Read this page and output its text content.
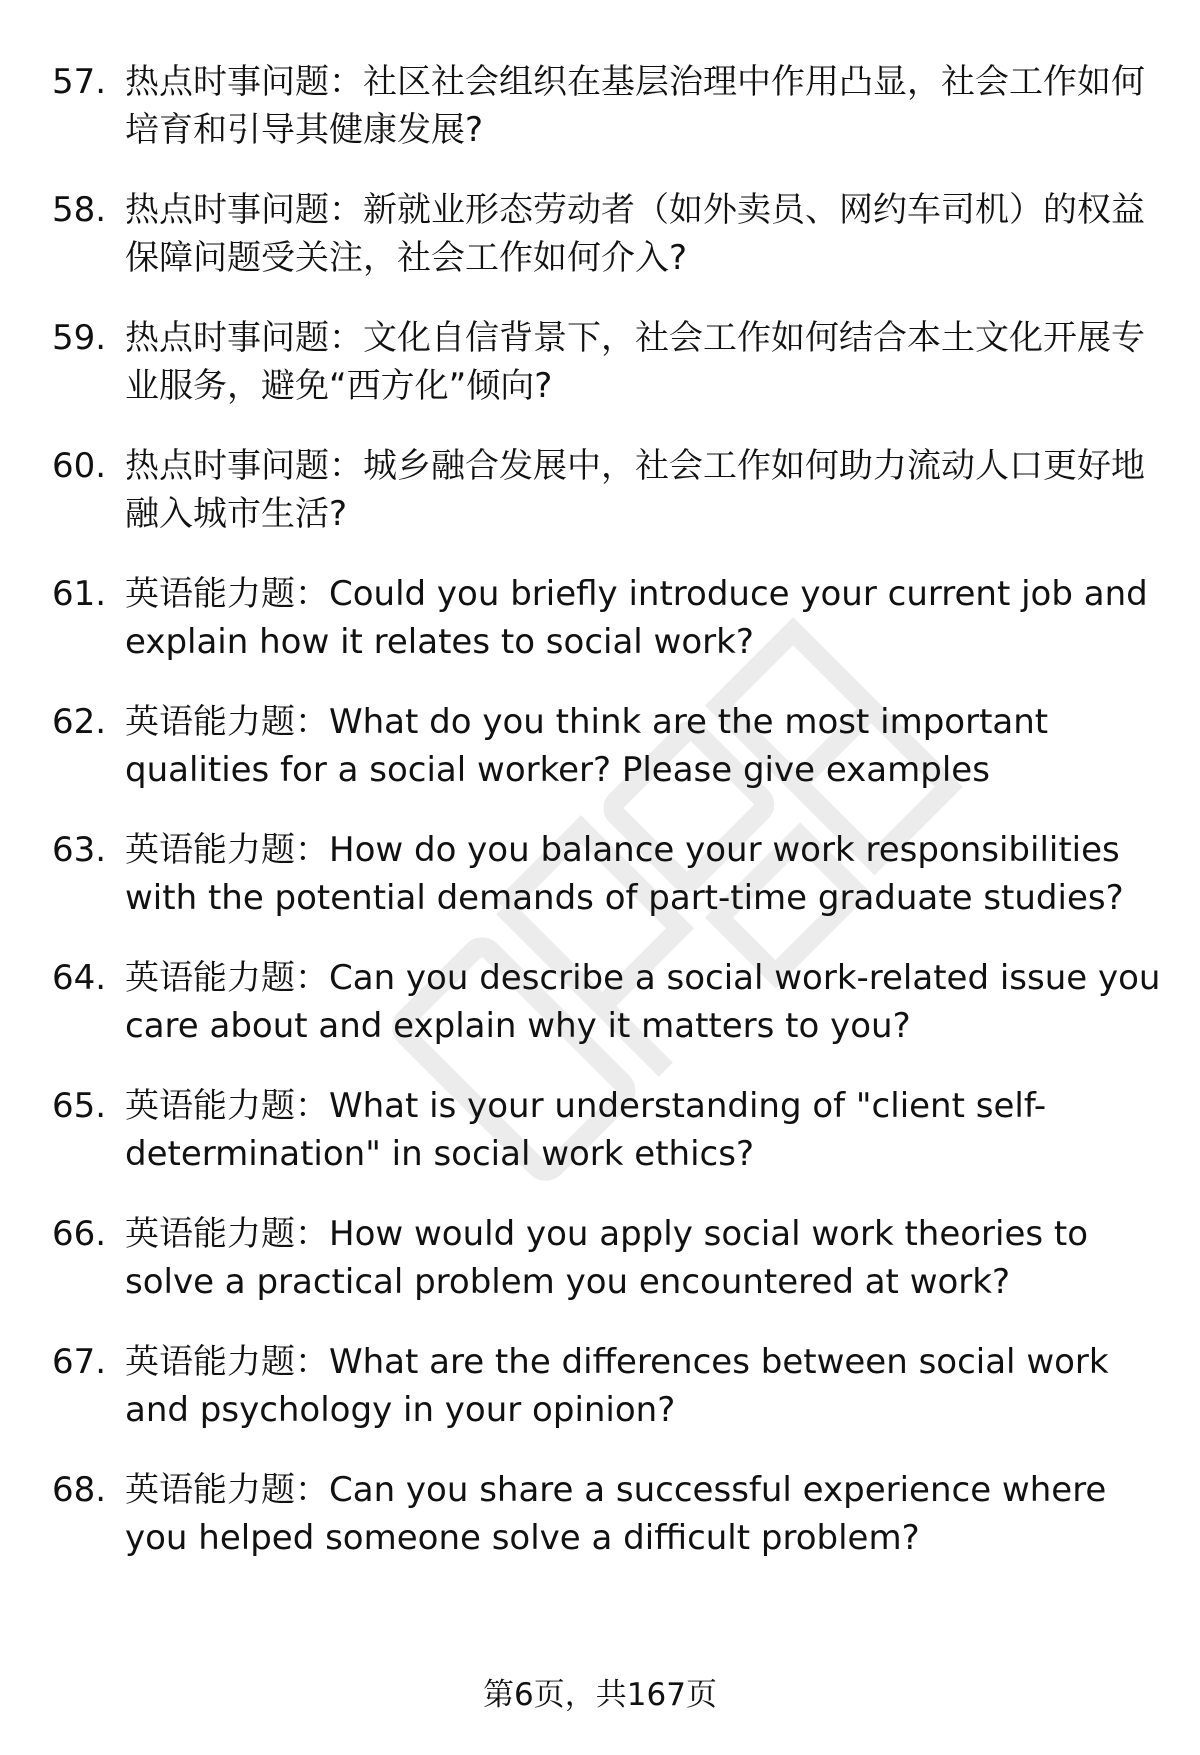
57. 热点时事问题：社区社会组织在基层治理中作用凸显，社会工作如何培育和引导其健康发展?
58. 热点时事问题：新就业形态劳动者（如外卖员、网约车司机）的权益保障问题受关注，社会工作如何介入?
59. 热点时事问题：文化自信背景下，社会工作如何结合本土文化开展专业服务，避免“西方化”倾向?
60. 热点时事问题：城乡融合发展中，社会工作如何助力流动人口更好地融入城市生活?
61. 英语能力题：Could you briefly introduce your current job and explain how it relates to social work?
62. 英语能力题：What do you think are the most important qualities for a social worker? Please give examples
63. 英语能力题：How do you balance your work responsibilities with the potential demands of part-time graduate studies?
64. 英语能力题：Can you describe a social work-related issue you care about and explain why it matters to you?
65. 英语能力题：What is your understanding of "client self-determination" in social work ethics?
66. 英语能力题：How would you apply social work theories to solve a practical problem you encountered at work?
67. 英语能力题：What are the differences between social work and psychology in your opinion?
68. 英语能力题：Can you share a successful experience where you helped someone solve a difficult problem?
第6页，共167页
